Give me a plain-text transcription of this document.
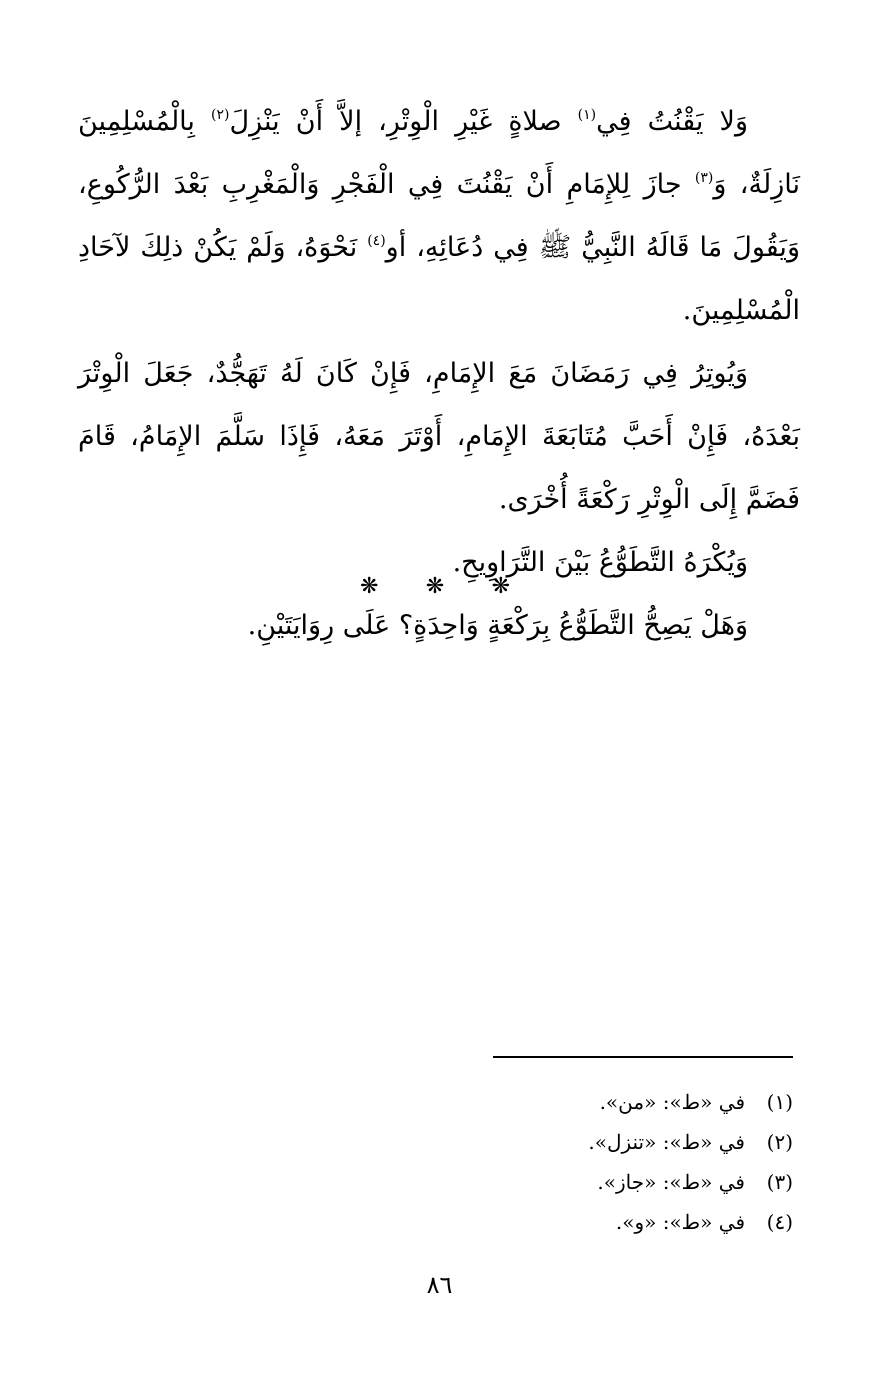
وَلا يَقْنُتُ فِي$^{(١)}$ صلاةٍ غَيْرِ الْوِتْرِ، إلاَّ أَنْ يَنْزِلَ$^{(٢)}$ بِالْمُسْلِمِينَ نَازِلَةٌ، وَ$^{(٣)}$ جازَ لِلإِمَامِ أَنْ يَقْنُتَ فِي الْفَجْرِ وَالْمَغْرِبِ بَعْدَ الرُّكُوعِ، وَيَقُولَ مَا قَالَهُ النَّبِيُّ ﷺ فِي دُعَائِهِ، أو$^{(٤)}$ نَحْوَهُ، وَلَمْ يَكُنْ ذلِكَ لآحَادِ الْمُسْلِمِينَ.

وَيُوتِرُ فِي رَمَضَانَ مَعَ الإِمَامِ، فَإِنْ كَانَ لَهُ تَهَجُّدٌ، جَعَلَ الْوِتْرَ بَعْدَهُ، فَإِنْ أَحَبَّ مُتَابَعَةَ الإِمَامِ، أَوْتَرَ مَعَهُ، فَإِذَا سَلَّمَ الإِمَامُ، قَامَ فَضَمَّ إِلَى الْوِتْرِ رَكْعَةً أُخْرَى.

وَيُكْرَهُ التَّطَوُّعُ بَيْنَ التَّرَاوِيحِ.

وَهَلْ يَصِحُّ التَّطَوُّعُ بِرَكْعَةٍ وَاحِدَةٍ؟ عَلَى رِوَايَتَيْنِ.

❋ ❋ ❋
(١)في «ط»: «من».
(٢)في «ط»: «تنزل».
(٣)في «ط»: «جاز».
(٤)في «ط»: «و».
٨٦
